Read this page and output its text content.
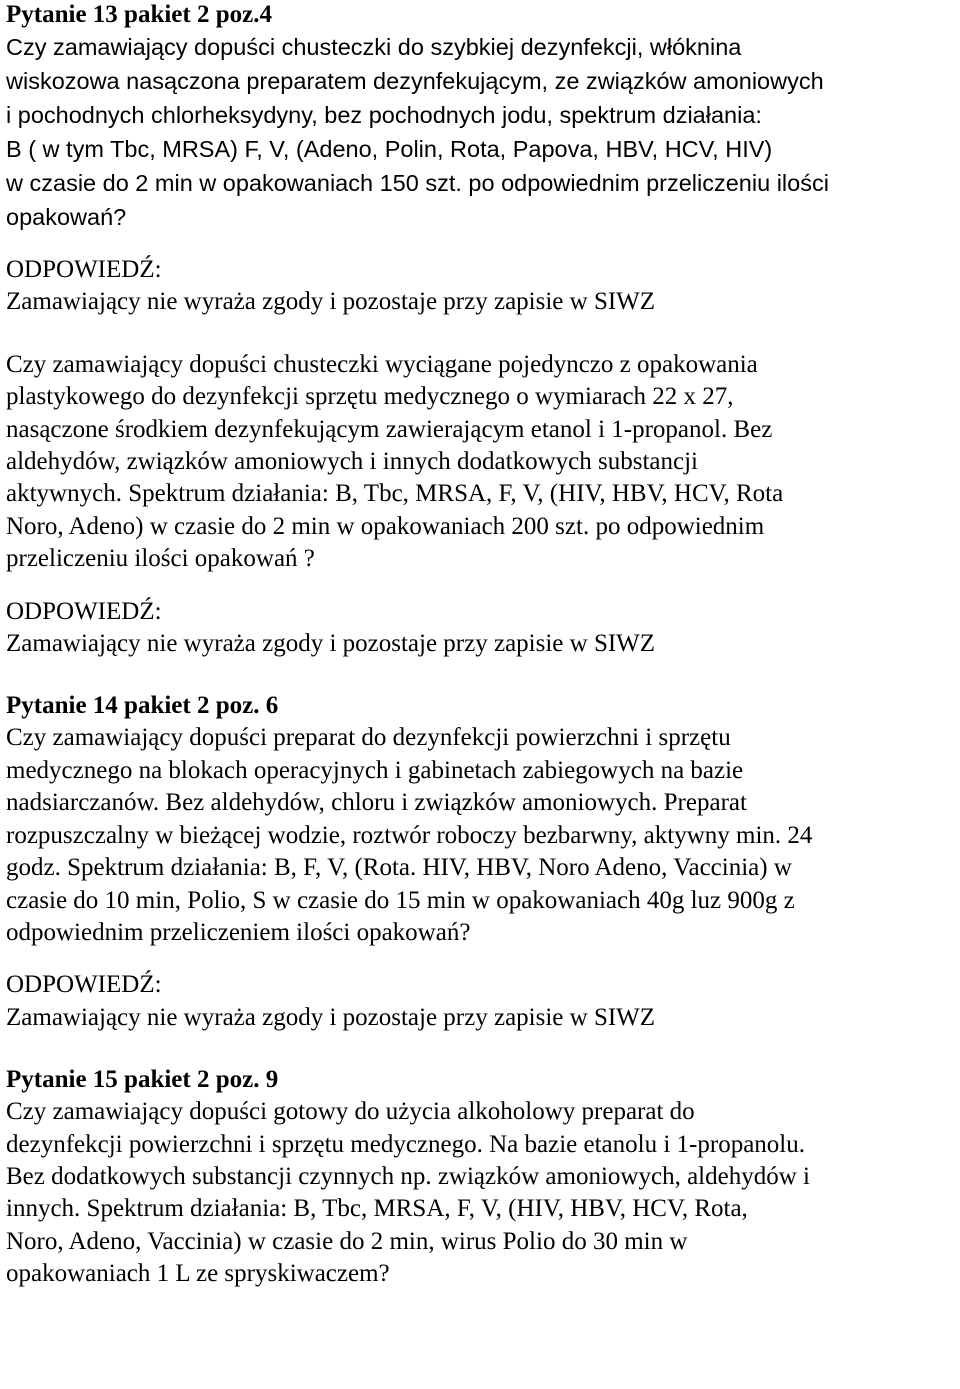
Pytanie 13 pakiet 2 poz.4

Czy zamawiający dopuści chusteczki do szybkiej dezynfekcji, włóknina

wiskozowa nasączona preparatem dezynfekującym, ze związków amoniowych

i pochodnych chlorheksydyny, bez pochodnych jodu, spektrum działania:

B ( w tym Tbc, MRSA) F, V, (Adeno, Polin, Rota, Papova, HBV, HCV, HIV)

w czasie do 2 min w opakowaniach 150 szt. po odpowiednim przeliczeniu ilości

opakowań?

ODPOWIEDŹ:

Zamawiający nie wyraża zgody i pozostaje przy zapisie w SIWZ

Czy zamawiający dopuści chusteczki wyciągane pojedynczo z opakowania

plastykowego do dezynfekcji sprzętu medycznego o wymiarach 22 x 27,

nasączone środkiem dezynfekującym zawierającym etanol i 1-propanol. Bez

aldehydów, związków amoniowych i innych dodatkowych substancji

aktywnych. Spektrum działania: B, Tbc, MRSA, F, V, (HIV, HBV, HCV, Rota

Noro, Adeno) w czasie do 2 min w opakowaniach 200 szt. po odpowiednim

przeliczeniu ilości opakowań ?

ODPOWIEDŹ:

Zamawiający nie wyraża zgody i pozostaje przy zapisie w SIWZ

Pytanie 14 pakiet 2 poz. 6

Czy zamawiający dopuści preparat do dezynfekcji powierzchni i sprzętu

medycznego na blokach operacyjnych i gabinetach zabiegowych na bazie

nadsiarczanów. Bez aldehydów, chloru i związków amoniowych. Preparat

rozpuszczalny w bieżącej wodzie, roztwór roboczy bezbarwny, aktywny min. 24

godz. Spektrum działania: B, F, V, (Rota. HIV, HBV, Noro Adeno, Vaccinia) w

czasie do 10 min, Polio, S w czasie do 15 min w opakowaniach 40g luz 900g z

odpowiednim przeliczeniem ilości opakowań?

ODPOWIEDŹ:

Zamawiający nie wyraża zgody i pozostaje przy zapisie w SIWZ

Pytanie 15 pakiet 2 poz. 9

Czy zamawiający dopuści gotowy do użycia alkoholowy preparat do

dezynfekcji powierzchni i sprzętu medycznego. Na bazie etanolu i 1-propanolu.

Bez dodatkowych substancji czynnych np. związków amoniowych, aldehydów i

innych. Spektrum działania: B, Tbc, MRSA, F, V, (HIV, HBV, HCV, Rota,

Noro, Adeno, Vaccinia) w czasie do 2 min, wirus Polio do 30 min w

opakowaniach 1 L ze spryskiwaczem?
